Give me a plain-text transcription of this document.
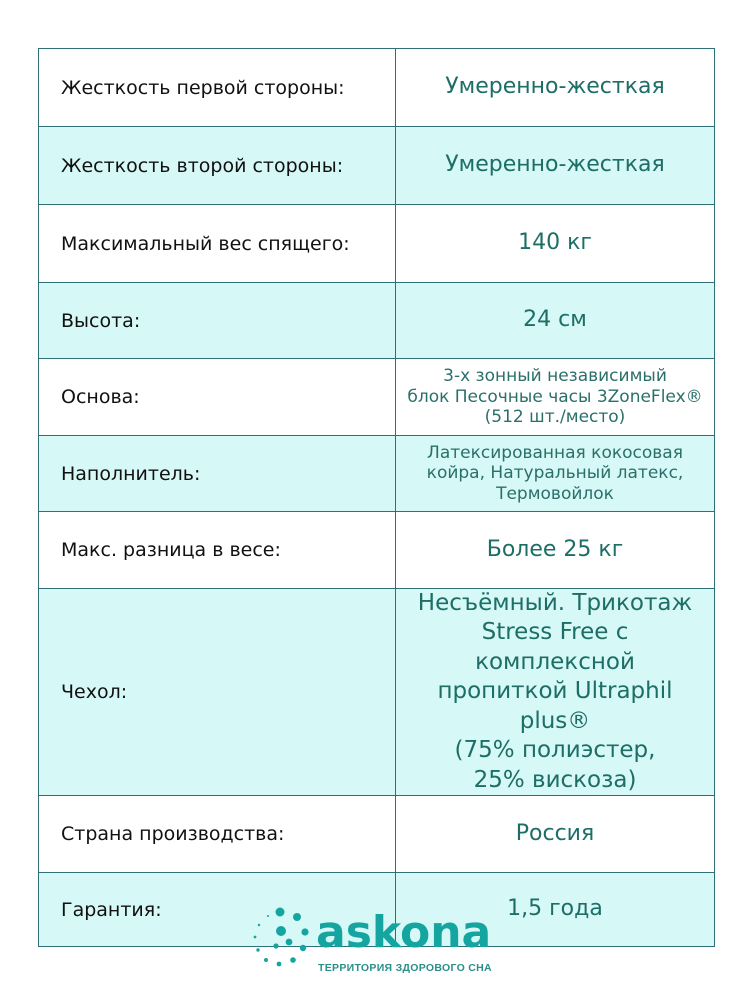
Жесткость первой стороны:	Умеренно-жесткая

Жесткость второй стороны:	Умеренно-жесткая

Максимальный вес спящего:	140 кг

Высота:	24 см

Основа:	3-х зонный независимый
блок Песочные часы 3ZoneFlex®
(512 шт./место)

Наполнитель:	Латексированная кокосовая
койра, Натуральный латекс,
Термовойлок

Макс. разница в весе:	Более 25 кг

Чехол:	Несъёмный. Трикотаж
Stress Free с комплексной
пропиткой Ultraphil plus®
(75% полиэстер,
25% вискоза)

Страна производства:	Россия

Гарантия:	1,5 года
askona
ТЕРРИТОРИЯ ЗДОРОВОГО СНА
